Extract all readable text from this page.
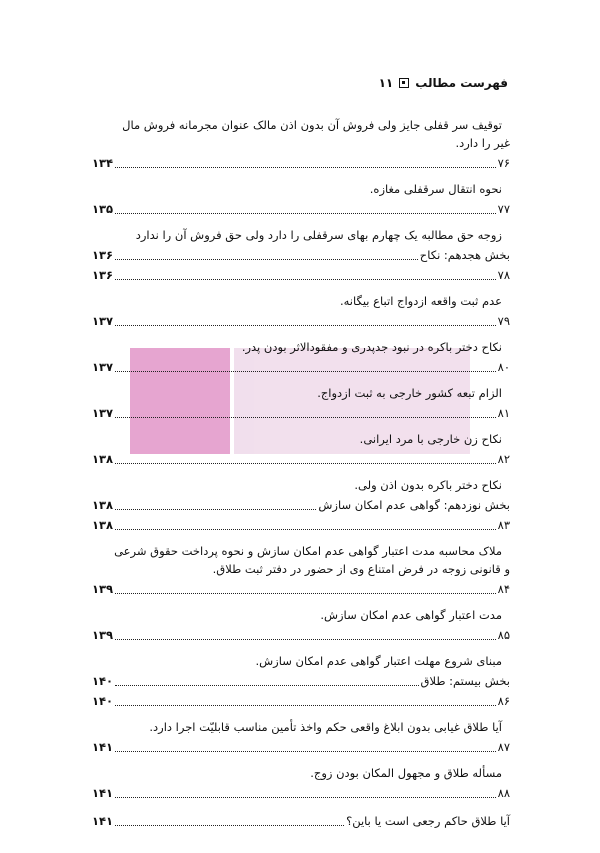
فهرست مطالب
۱۱
توقیف سر قفلی جایز ولی فروش آن بدون اذن مالک عنوان مجرمانه فروش مال
غیر را دارد.
۷۶
۱۳۴
نحوه انتقال سرقفلی مغازه.
۷۷
۱۳۵
زوجه حق مطالبه یک چهارم بهای سرقفلی را دارد ولی حق فروش آن را ندارد
بخش هجدهم: نکاح
۱۳۶
۷۸
۱۳۶
عدم ثبت واقعه ازدواج اتباع بیگانه.
۷۹
۱۳۷
نکاح دختر باکره در نبود جدپدری و مفقودالاثر بودن پدر.
۸۰
۱۳۷
الزام تبعه کشور خارجی به ثبت ازدواج.
۸۱
۱۳۷
نکاح زن خارجی با مرد ایرانی.
۸۲
۱۳۸
نکاح دختر باکره بدون اذن ولی.
بخش نوزدهم: گواهی عدم امکان سازش
۱۳۸
۸۳
۱۳۸
ملاک محاسبه مدت اعتبار گواهی عدم امکان سازش و نحوه پرداخت حقوق شرعی
و قانونی زوجه در فرض امتناع وی از حضور در دفتر ثبت طلاق.
۸۴
۱۳۹
مدت اعتبار گواهی عدم امکان سازش.
۸۵
۱۳۹
مبنای شروع مهلت اعتبار گواهی عدم امکان سازش.
بخش بیستم: طلاق
۱۴۰
۸۶
۱۴۰
آیا طلاق غیابی بدون ابلاغ واقعی حکم واخذ تأمین مناسب قابلیّت اجرا دارد.
۸۷
۱۴۱
مسأله طلاق و مجهول المکان بودن زوج.
۸۸
۱۴۱
آیا طلاق حاکم رجعی است یا باین؟
۱۴۱
